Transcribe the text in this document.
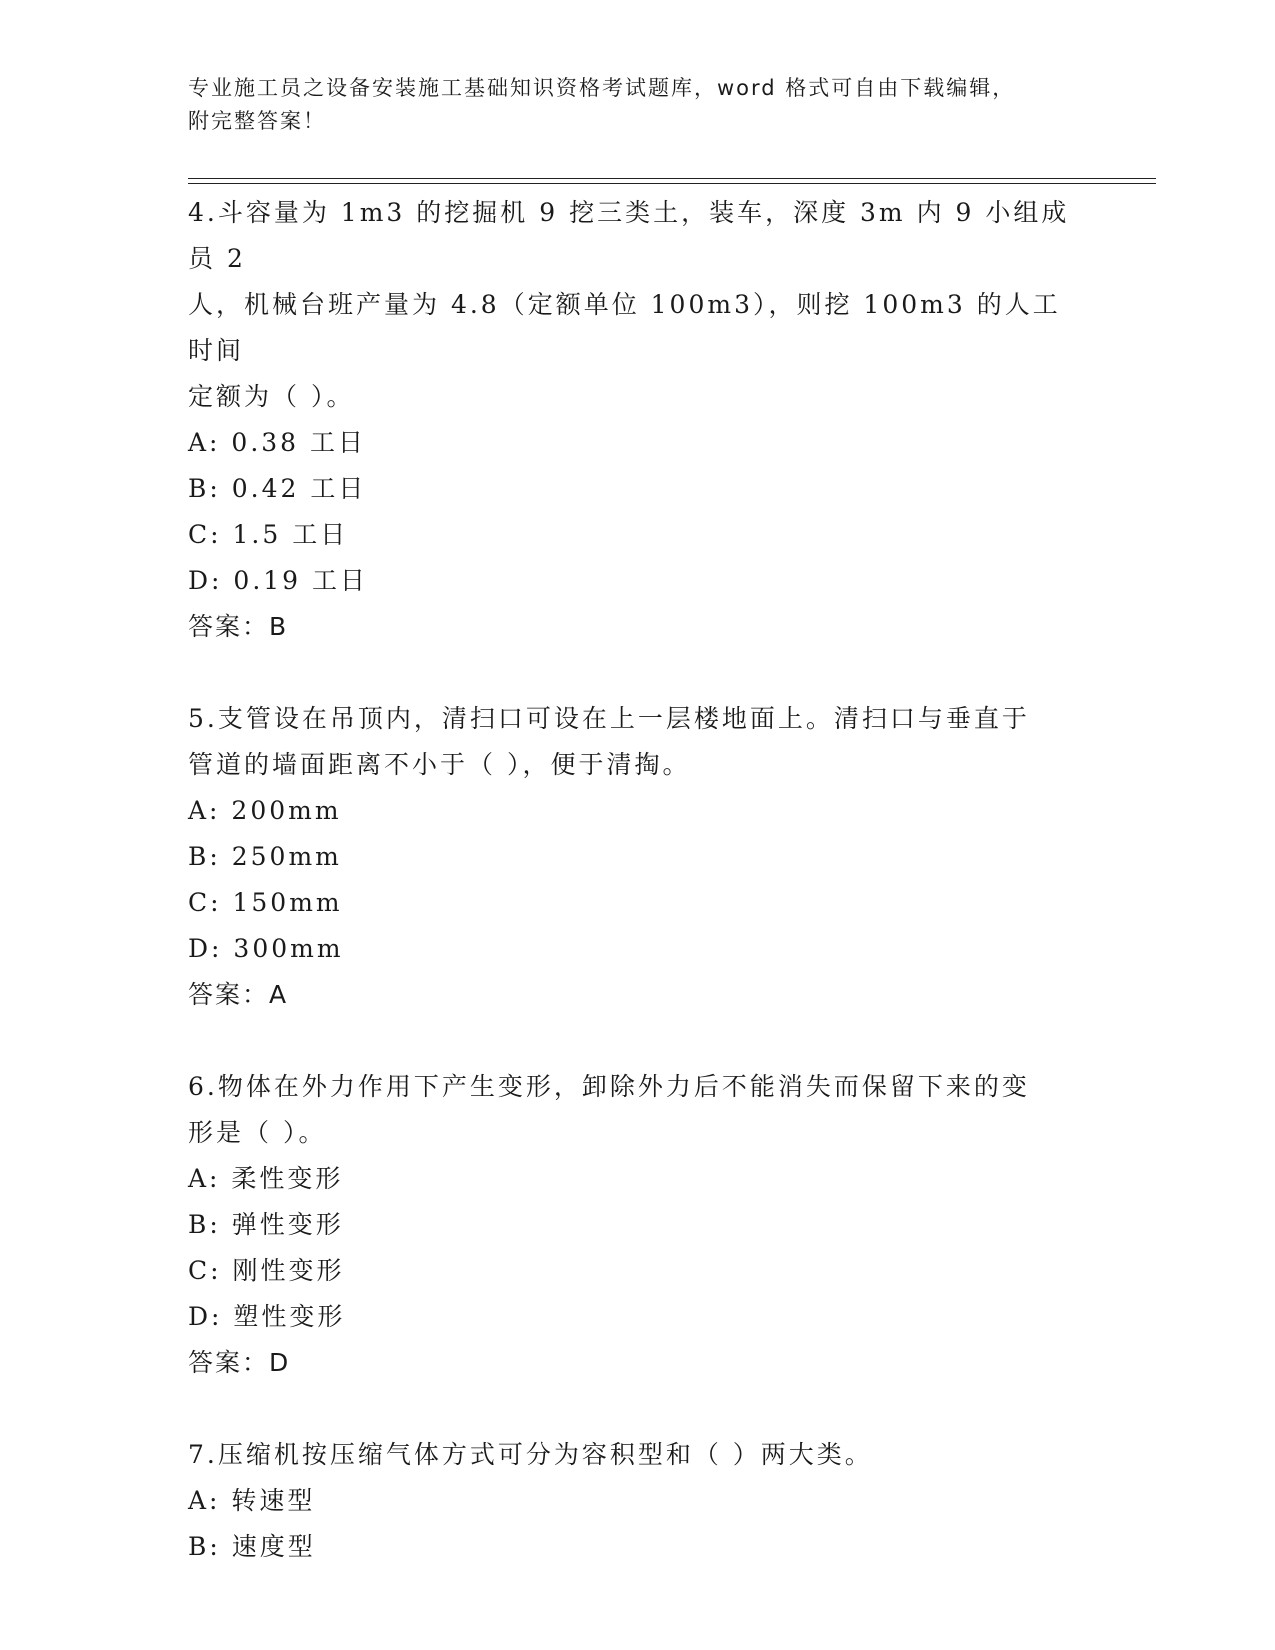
专业施工员之设备安装施工基础知识资格考试题库，word 格式可自由下载编辑，
附完整答案！

4.斗容量为 1m3 的挖掘机 9 挖三类土，装车，深度 3m 内 9 小组成员 2

人，机械台班产量为 4.8（定额单位 100m3），则挖 100m3 的人工时间

定额为（ ）。

A: 0.38 工日

B: 0.42 工日

C: 1.5 工日

D: 0.19 工日

答案：B

5.支管设在吊顶内，清扫口可设在上一层楼地面上。清扫口与垂直于

管道的墙面距离不小于（ ），便于清掏。

A: 200mm

B: 250mm

C: 150mm

D: 300mm

答案：A

6.物体在外力作用下产生变形，卸除外力后不能消失而保留下来的变

形是（ ）。

A: 柔性变形

B: 弹性变形

C: 刚性变形

D: 塑性变形

答案：D

7.压缩机按压缩气体方式可分为容积型和（ ）两大类。

A: 转速型

B: 速度型
